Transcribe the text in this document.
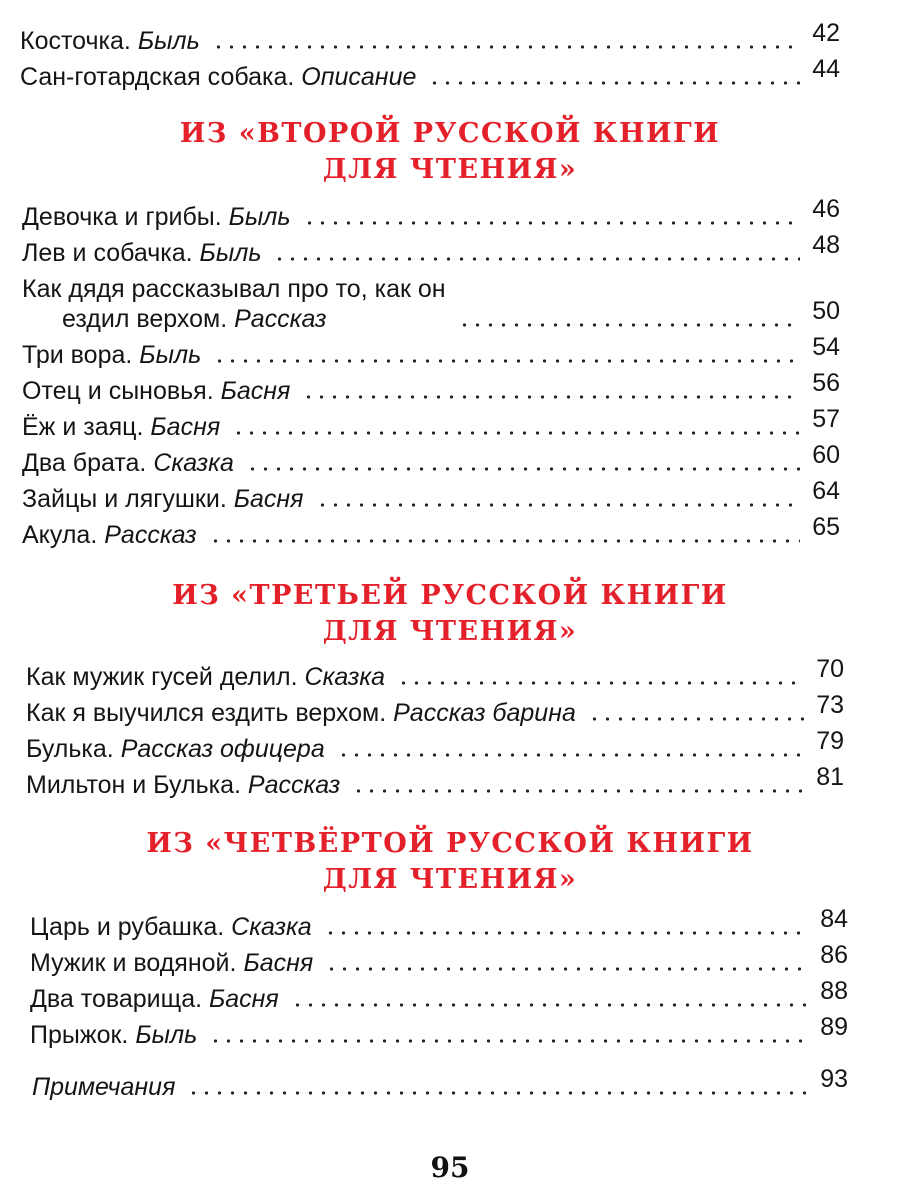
Косточка. Быль	42
Сан-готардская собака. Описание	44
ИЗ «ВТОРОЙ РУССКОЙ КНИГИ
ДЛЯ ЧТЕНИЯ»
Девочка и грибы. Быль	46
Лев и собачка. Быль	48
Как дядя рассказывал про то, как он
ездил верхом. Рассказ	50
Три вора. Быль	54
Отец и сыновья. Басня	56
Ёж и заяц. Басня	57
Два брата. Сказка	60
Зайцы и лягушки. Басня	64
Акула. Рассказ	65
ИЗ «ТРЕТЬЕЙ РУССКОЙ КНИГИ
ДЛЯ ЧТЕНИЯ»
Как мужик гусей делил. Сказка	70
Как я выучился ездить верхом. Рассказ барина	73
Булька. Рассказ офицера	79
Мильтон и Булька. Рассказ	81
ИЗ «ЧЕТВЁРТОЙ РУССКОЙ КНИГИ
ДЛЯ ЧТЕНИЯ»
Царь и рубашка. Сказка	84
Мужик и водяной. Басня	86
Два товарища. Басня	88
Прыжок. Быль	89
Примечания	93
95
